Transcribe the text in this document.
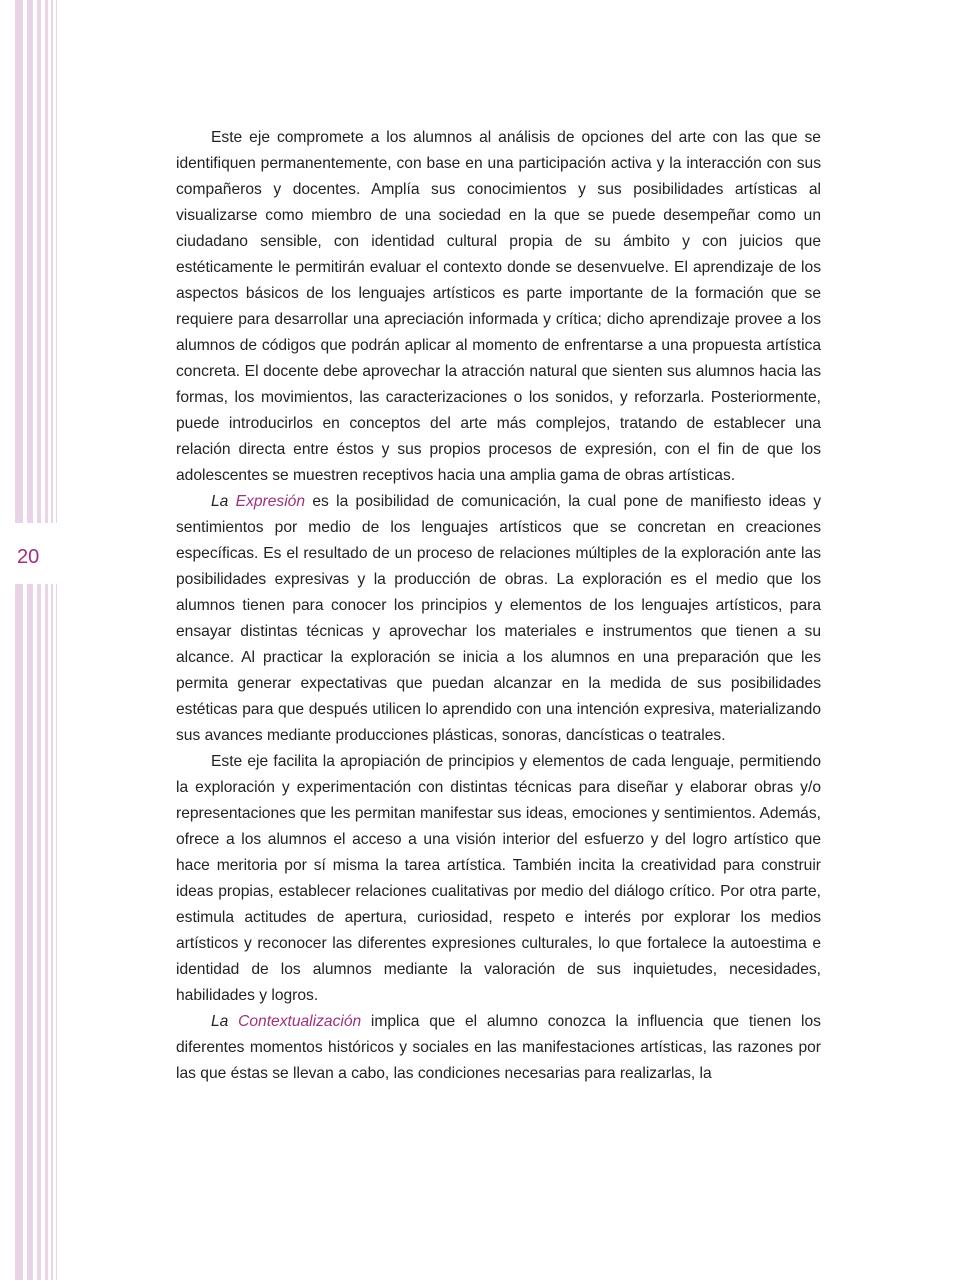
20

Este eje compromete a los alumnos al análisis de opciones del arte con las que se identifiquen permanentemente, con base en una participación activa y la interacción con sus compañeros y docentes. Amplía sus conocimientos y sus posibilidades artísticas al visualizarse como miembro de una sociedad en la que se puede desempeñar como un ciudadano sensible, con identidad cultural propia de su ámbito y con juicios que estéticamente le permitirán evaluar el contexto donde se desenvuelve. El aprendizaje de los aspectos básicos de los lenguajes artísticos es parte importante de la formación que se requiere para desarrollar una apreciación informada y crítica; dicho aprendizaje provee a los alumnos de códigos que podrán aplicar al momento de enfrentarse a una propuesta artística concreta. El docente debe aprovechar la atracción natural que sienten sus alumnos hacia las formas, los movimientos, las caracterizaciones o los sonidos, y reforzarla. Posteriormente, puede introducirlos en conceptos del arte más complejos, tratando de establecer una relación directa entre éstos y sus propios procesos de expresión, con el fin de que los adolescentes se muestren receptivos hacia una amplia gama de obras artísticas.

La Expresión es la posibilidad de comunicación, la cual pone de manifiesto ideas y sentimientos por medio de los lenguajes artísticos que se concretan en creaciones específicas. Es el resultado de un proceso de relaciones múltiples de la exploración ante las posibilidades expresivas y la producción de obras. La exploración es el medio que los alumnos tienen para conocer los principios y elementos de los lenguajes artísticos, para ensayar distintas técnicas y aprovechar los materiales e instrumentos que tienen a su alcance. Al practicar la exploración se inicia a los alumnos en una preparación que les permita generar expectativas que puedan alcanzar en la medida de sus posibilidades estéticas para que después utilicen lo aprendido con una intención expresiva, materializando sus avances mediante producciones plásticas, sonoras, dancísticas o teatrales.

Este eje facilita la apropiación de principios y elementos de cada lenguaje, permitiendo la exploración y experimentación con distintas técnicas para diseñar y elaborar obras y/o representaciones que les permitan manifestar sus ideas, emociones y sentimientos. Además, ofrece a los alumnos el acceso a una visión interior del esfuerzo y del logro artístico que hace meritoria por sí misma la tarea artística. También incita la creatividad para construir ideas propias, establecer relaciones cualitativas por medio del diálogo crítico. Por otra parte, estimula actitudes de apertura, curiosidad, respeto e interés por explorar los medios artísticos y reconocer las diferentes expresiones culturales, lo que fortalece la autoestima e identidad de los alumnos mediante la valoración de sus inquietudes, necesidades, habilidades y logros.

La Contextualización implica que el alumno conozca la influencia que tienen los diferentes momentos históricos y sociales en las manifestaciones artísticas, las razones por las que éstas se llevan a cabo, las condiciones necesarias para realizarlas, la
